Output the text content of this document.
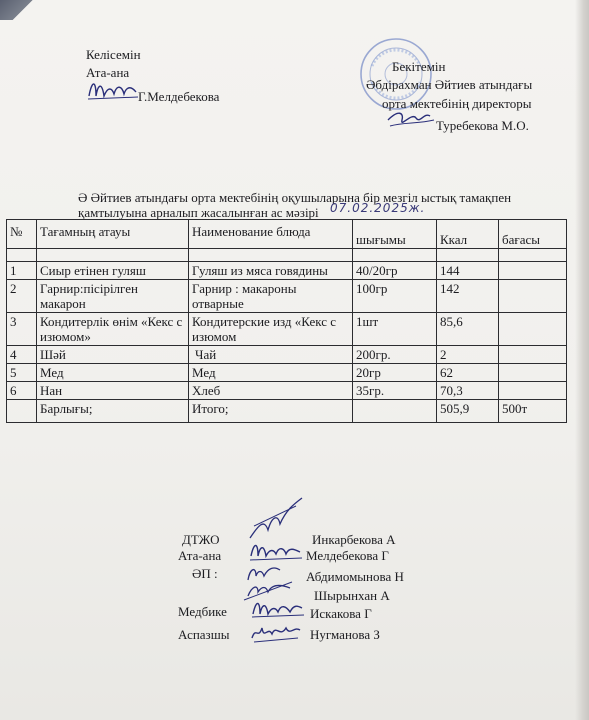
Келісемін
Ата-ана
Г.Мелдебекова
Бекітемін
Әбдірахман Әйтиев атындағы
орта мектебінің директоры
Туребекова М.О.
Ә Әйтиев атындағы орта мектебінің оқушыларына бір мезгіл ыстық тамақпен
қамтылуына арналып жасалынған ас мәзірі 07.02.2025ж.
№	Тағамның атауы	Наименование блюда	шығымы	Ккал	бағасы

1	Сиыр етінен гуляш	Гуляш из мяса говядины	40/20гр	144	
2	Гарнир:пісірілген макарон	Гарнир : макароны отварные	100гр	142	
3	Кондитерлік өнім «Кекс с изюмом»	Кондитерские изд «Кекс с изюмом	1шт	85,6	
4	Шәй	Чай	200гр.	2	
5	Мед	Мед	20гр	62	
6	Нан	Хлеб	35гр.	70,3	
	Барлығы;	Итого;		505,9	500т
ДТЖО	Инкарбекова А
Ата-ана	Мелдебекова Г
ӘП :	Абдимомынова Н
Шырынхан А
Медбике	Искакова Г
Аспазшы	Нугманова З
